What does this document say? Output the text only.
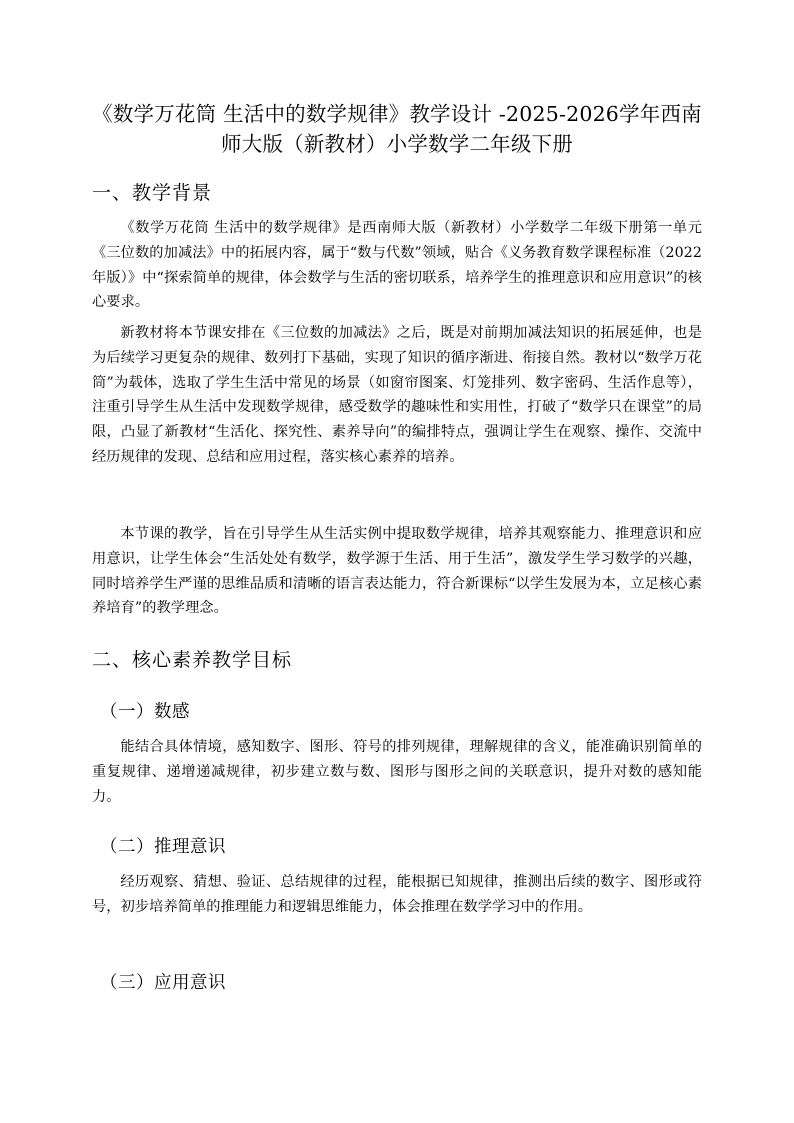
《数学万花筒 生活中的数学规律》教学设计 -2025-2026学年西南师大版（新教材）小学数学二年级下册
一、教学背景
《数学万花筒 生活中的数学规律》是西南师大版（新教材）小学数学二年级下册第一单元《三位数的加减法》中的拓展内容，属于“数与代数”领域，贴合《义务教育数学课程标准（2022年版）》中“探索简单的规律，体会数学与生活的密切联系，培养学生的推理意识和应用意识”的核心要求。
新教材将本节课安排在《三位数的加减法》之后，既是对前期加减法知识的拓展延伸，也是为后续学习更复杂的规律、数列打下基础，实现了知识的循序渐进、衔接自然。教材以“数学万花筒”为载体，选取了学生生活中常见的场景（如窗帘图案、灯笼排列、数字密码、生活作息等），注重引导学生从生活中发现数学规律，感受数学的趣味性和实用性，打破了“数学只在课堂”的局限，凸显了新教材“生活化、探究性、素养导向”的编排特点，强调让学生在观察、操作、交流中经历规律的发现、总结和应用过程，落实核心素养的培养。
本节课的教学，旨在引导学生从生活实例中提取数学规律，培养其观察能力、推理意识和应用意识，让学生体会“生活处处有数学，数学源于生活、用于生活”，激发学生学习数学的兴趣，同时培养学生严谨的思维品质和清晰的语言表达能力，符合新课标“以学生发展为本，立足核心素养培育”的教学理念。
二、核心素养教学目标
（一）数感
能结合具体情境，感知数字、图形、符号的排列规律，理解规律的含义，能准确识别简单的重复规律、递增递减规律，初步建立数与数、图形与图形之间的关联意识，提升对数的感知能力。
（二）推理意识
经历观察、猜想、验证、总结规律的过程，能根据已知规律，推测出后续的数字、图形或符号，初步培养简单的推理能力和逻辑思维能力，体会推理在数学学习中的作用。
（三）应用意识
